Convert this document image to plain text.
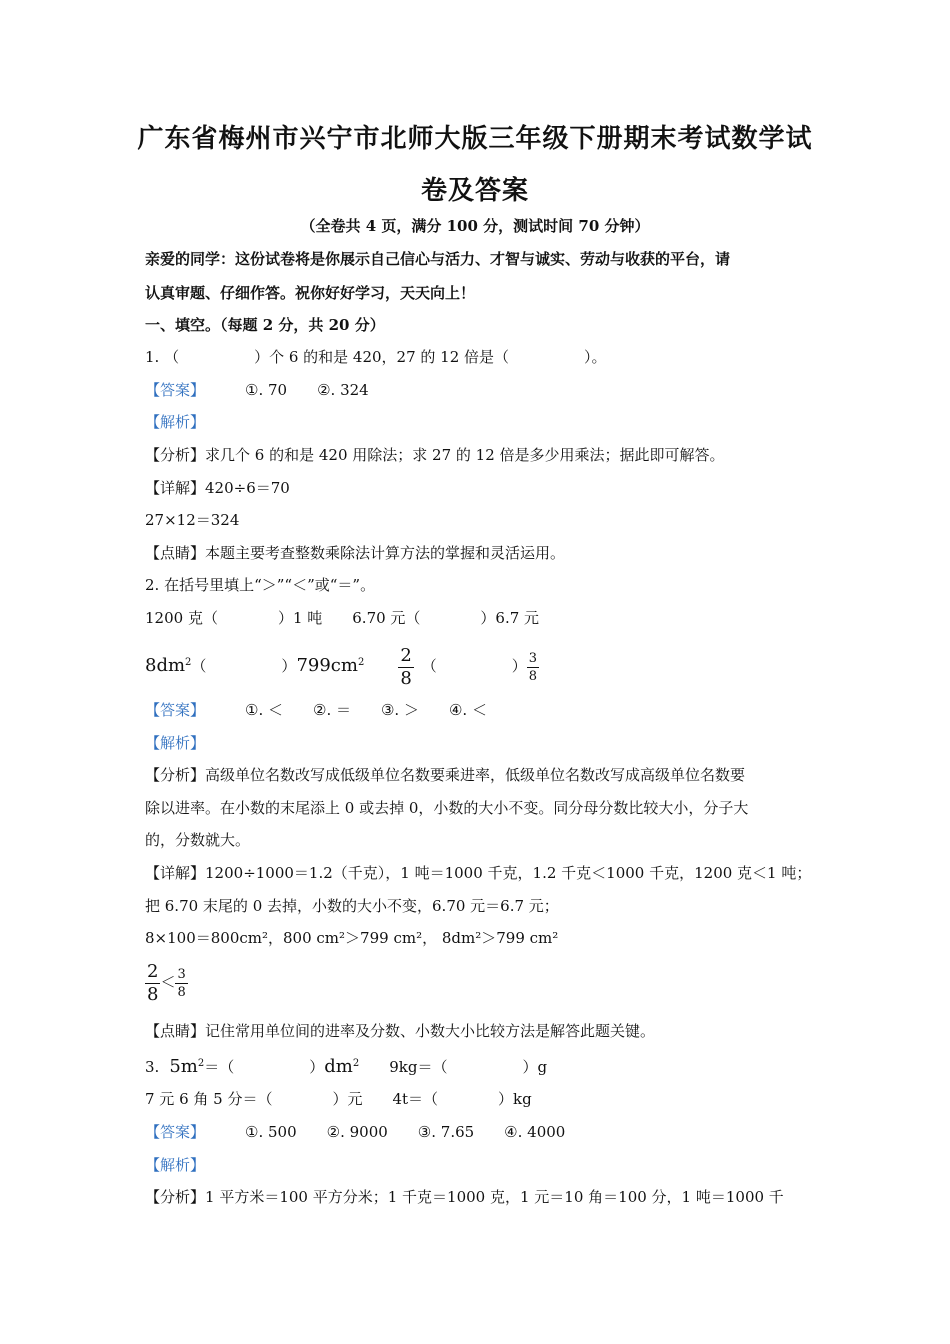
广东省梅州市兴宁市北师大版三年级下册期末考试数学试
卷及答案
（全卷共 4 页，满分 100 分，测试时间 70 分钟）
亲爱的同学：这份试卷将是你展示自己信心与活力、才智与诚实、劳动与收获的平台，请
认真审题、仔细作答。祝你好好学习，天天向上！
一、填空。（每题 2 分，共 20 分）
1. （　　　　　）个 6 的和是 420，27 的 12 倍是（　　　　　）。
【答案】	①. 70　　②. 324
【解析】
【分析】求几个 6 的和是 420 用除法；求 27 的 12 倍是多少用乘法；据此即可解答。
【详解】420÷6＝70
27×12＝324
【点睛】本题主要考查整数乘除法计算方法的掌握和灵活运用。
2. 在括号里填上“＞”“＜”或“＝”。
1200 克（　　　　）1 吨　　6.70 元（　　　　）6.7 元
$8dm^2$（　　　　　）$799cm^2 \frac{2}{8}$ （　　　　　） $\frac{3}{8}$
【答案】	①. ＜　　②. ＝　　③. ＞　　④. ＜
【解析】
【分析】高级单位名数改写成低级单位名数要乘进率，低级单位名数改写成高级单位名数要
除以进率。在小数的末尾添上 0 或去掉 0，小数的大小不变。同分母分数比较大小，分子大
的，分数就大。
【详解】1200÷1000＝1.2（千克），1 吨＝1000 千克，1.2 千克＜1000 千克，1200 克＜1 吨；
把 6.70 末尾的 0 去掉，小数的大小不变，6.70 元＝6.7 元；
8×100＝800cm²，800 cm²＞799 cm²， 8dm²＞799 cm²
$\frac{2}{8} < \frac{3}{8}$
【点睛】记住常用单位间的进率及分数、小数大小比较方法是解答此题关键。
3. $5m^2=$（　　　　　）$dm^2$ 9kg＝（　　　　　）g
7 元 6 角 5 分＝（　　　　）元　　4t＝（　　　　）kg
【答案】	①. 500　　②. 9000　　③. 7.65　　④. 4000
【解析】
【分析】1 平方米＝100 平方分米；1 千克＝1000 克，1 元＝10 角＝100 分，1 吨＝1000 千
